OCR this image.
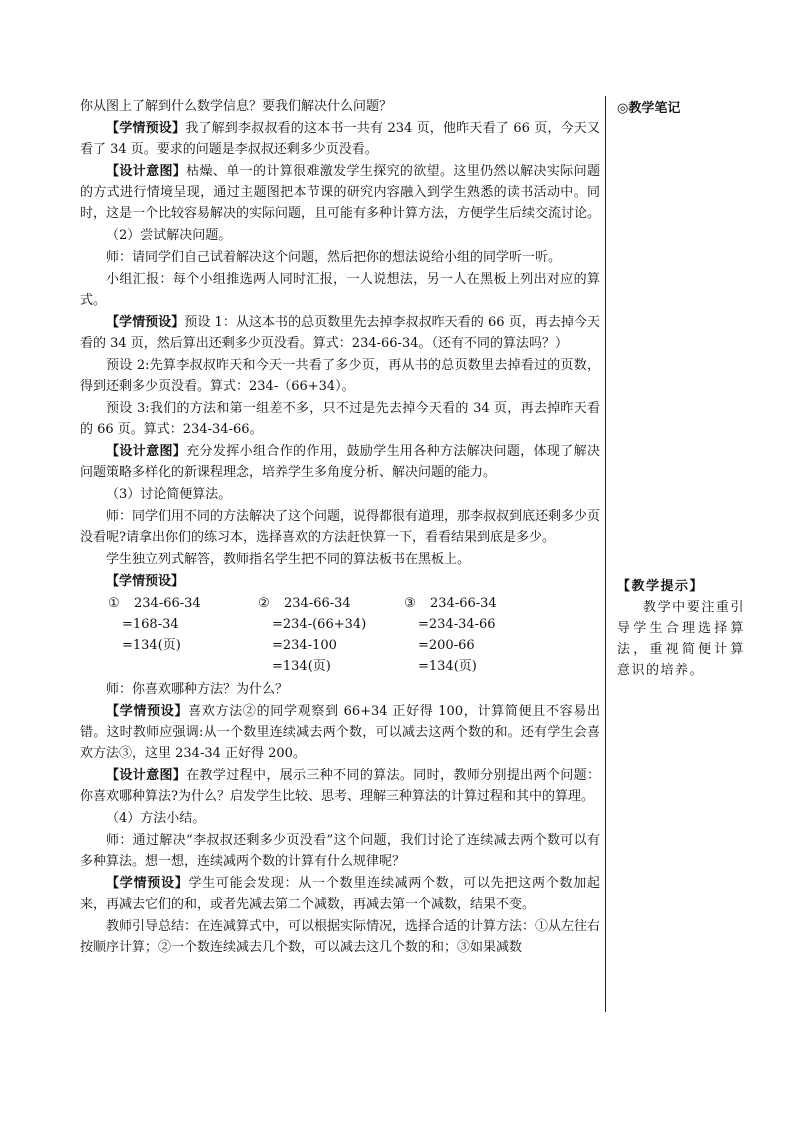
你从图上了解到什么数学信息？要我们解决什么问题？

【学情预设】我了解到李叔叔看的这本书一共有 234 页，他昨天看了 66 页，今天又看了 34 页。要求的问题是李叔叔还剩多少页没看。

【设计意图】枯燥、单一的计算很难激发学生探究的欲望。这里仍然以解决实际问题的方式进行情境呈现，通过主题图把本节课的研究内容融入到学生熟悉的读书活动中。同时，这是一个比较容易解决的实际问题，且可能有多种计算方法，方便学生后续交流讨论。

（2）尝试解决问题。

师：请同学们自己试着解决这个问题，然后把你的想法说给小组的同学听一听。

小组汇报：每个小组推选两人同时汇报，一人说想法，另一人在黑板上列出对应的算式。

【学情预设】预设 1：从这本书的总页数里先去掉李叔叔昨天看的 66 页，再去掉今天看的 34 页，然后算出还剩多少页没看。算式：234-66-34。（还有不同的算法吗？）

预设 2:先算李叔叔昨天和今天一共看了多少页，再从书的总页数里去掉看过的页数，得到还剩多少页没看。算式：234-（66+34）。

预设 3:我们的方法和第一组差不多，只不过是先去掉今天看的 34 页，再去掉昨天看的 66 页。算式：234-34-66。

【设计意图】充分发挥小组合作的作用，鼓励学生用各种方法解决问题，体现了解决问题策略多样化的新课程理念，培养学生多角度分析、解决问题的能力。

（3）讨论简便算法。

师：同学们用不同的方法解决了这个问题，说得都很有道理，那李叔叔到底还剩多少页没看呢?请拿出你们的练习本，选择喜欢的方法赶快算一下，看看结果到底是多少。

学生独立列式解答，教师指名学生把不同的算法板书在黑板上。

【学情预设】

① 234-66-34
=168-34
=134(页)
② 234-66-34
=234-(66+34)
=234-100
=134(页)
③ 234-66-34
=234-34-66
=200-66
=134(页)

师：你喜欢哪种方法？为什么？

【学情预设】喜欢方法②的同学观察到 66+34 正好得 100，计算简便且不容易出错。这时教师应强调:从一个数里连续减去两个数，可以减去这两个数的和。还有学生会喜欢方法③，这里 234-34 正好得 200。

【设计意图】在教学过程中，展示三种不同的算法。同时，教师分别提出两个问题：你喜欢哪种算法?为什么？启发学生比较、思考、理解三种算法的计算过程和其中的算理。

（4）方法小结。

师：通过解决“李叔叔还剩多少页没看”这个问题，我们讨论了连续减去两个数可以有多种算法。想一想，连续减两个数的计算有什么规律呢？

【学情预设】学生可能会发现：从一个数里连续减两个数，可以先把这两个数加起来，再减去它们的和，或者先减去第二个减数，再减去第一个减数，结果不变。

教师引导总结：在连减算式中，可以根据实际情况，选择合适的计算方法：①从左往右按顺序计算；②一个数连续减去几个数，可以减去这几个数的和；③如果减数

◎教学笔记

【教学提示】

教学中要注重引导学生合理选择算法，重视简便计算意识的培养。
